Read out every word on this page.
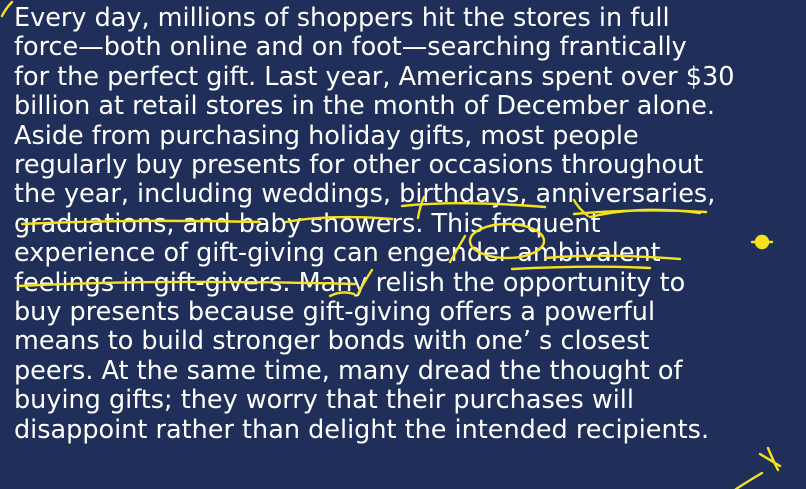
Every day, millions of shoppers hit the stores in full
force—both online and on foot—searching frantically
for the perfect gift. Last year, Americans spent over $30
billion at retail stores in the month of December alone.
Aside from purchasing holiday gifts, most people
regularly buy presents for other occasions throughout
the year, including weddings, birthdays, anniversaries,
graduations, and baby showers. This frequent
experience of gift-giving can engender ambivalent
feelings in gift-givers. Many relish the opportunity to
buy presents because gift-giving offers a powerful
means to build stronger bonds with one’ s closest
peers. At the same time, many dread the thought of
buying gifts; they worry that their purchases will
disappoint rather than delight the intended recipients.
